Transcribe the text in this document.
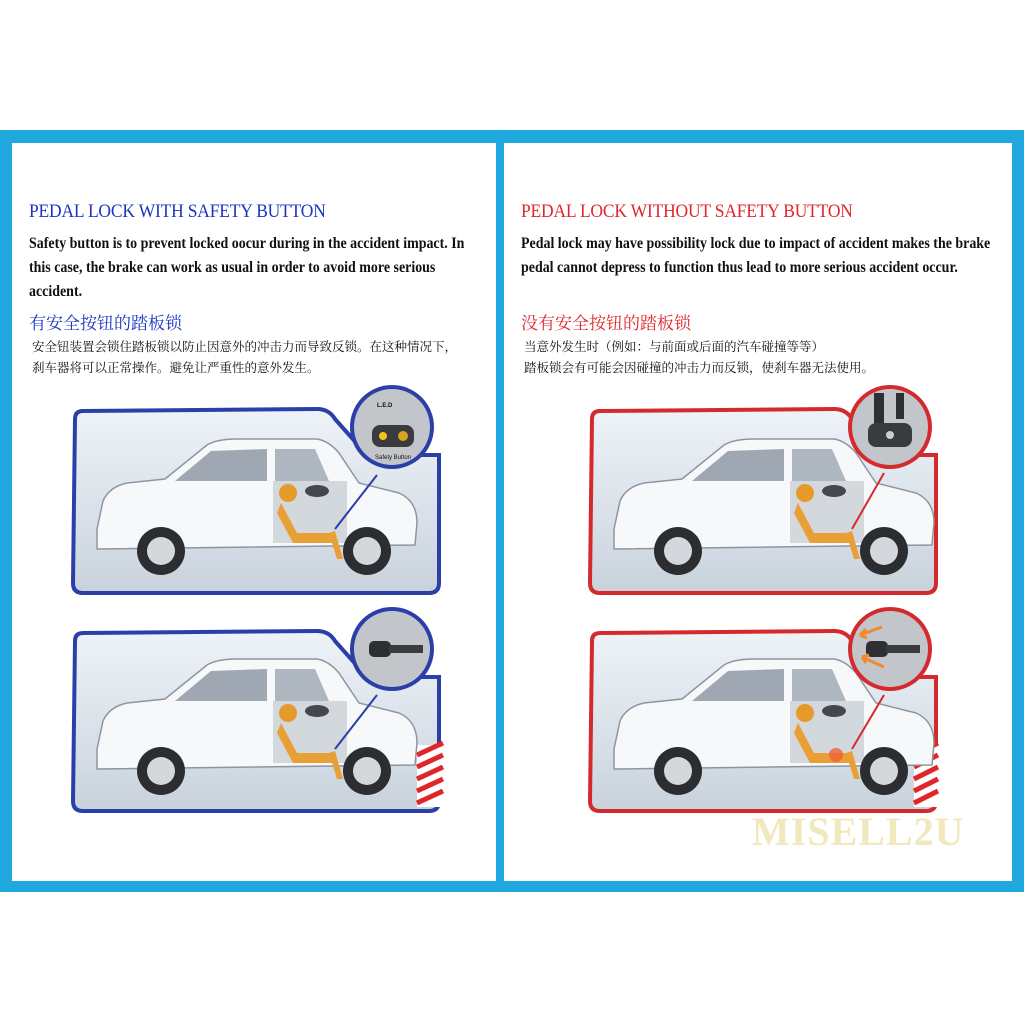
PEDAL LOCK WITH SAFETY BUTTON
Safety button is to prevent locked oocur during in the accident impact. In this case, the brake can work as usual in order to avoid more serious accident.
有安全按钮的踏板锁
安全钮装置会锁住踏板锁以防止因意外的冲击力而导致反锁。在这种情况下，
刹车器将可以正常操作。避免让严重性的意外发生。
L.E.D
Safety Button
PEDAL LOCK WITHOUT SAFETY BUTTON
Pedal lock may have possibility lock due to impact of accident makes the brake pedal cannot depress to function thus lead to more serious accident occur.
没有安全按钮的踏板锁
当意外发生时（例如：与前面或后面的汽车碰撞等等）
踏板锁会有可能会因碰撞的冲击力而反锁，使刹车器无法使用。
MISELL2U
